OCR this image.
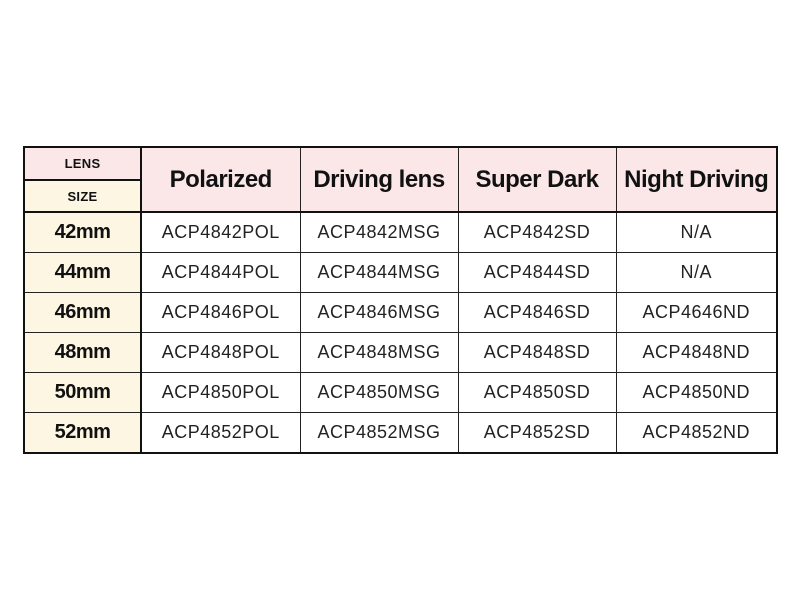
LENS	Polarized	Driving lens	Super Dark	Night Driving
SIZE				
42mm	ACP4842POL	ACP4842MSG	ACP4842SD	N/A
44mm	ACP4844POL	ACP4844MSG	ACP4844SD	N/A
46mm	ACP4846POL	ACP4846MSG	ACP4846SD	ACP4646ND
48mm	ACP4848POL	ACP4848MSG	ACP4848SD	ACP4848ND
50mm	ACP4850POL	ACP4850MSG	ACP4850SD	ACP4850ND
52mm	ACP4852POL	ACP4852MSG	ACP4852SD	ACP4852ND
